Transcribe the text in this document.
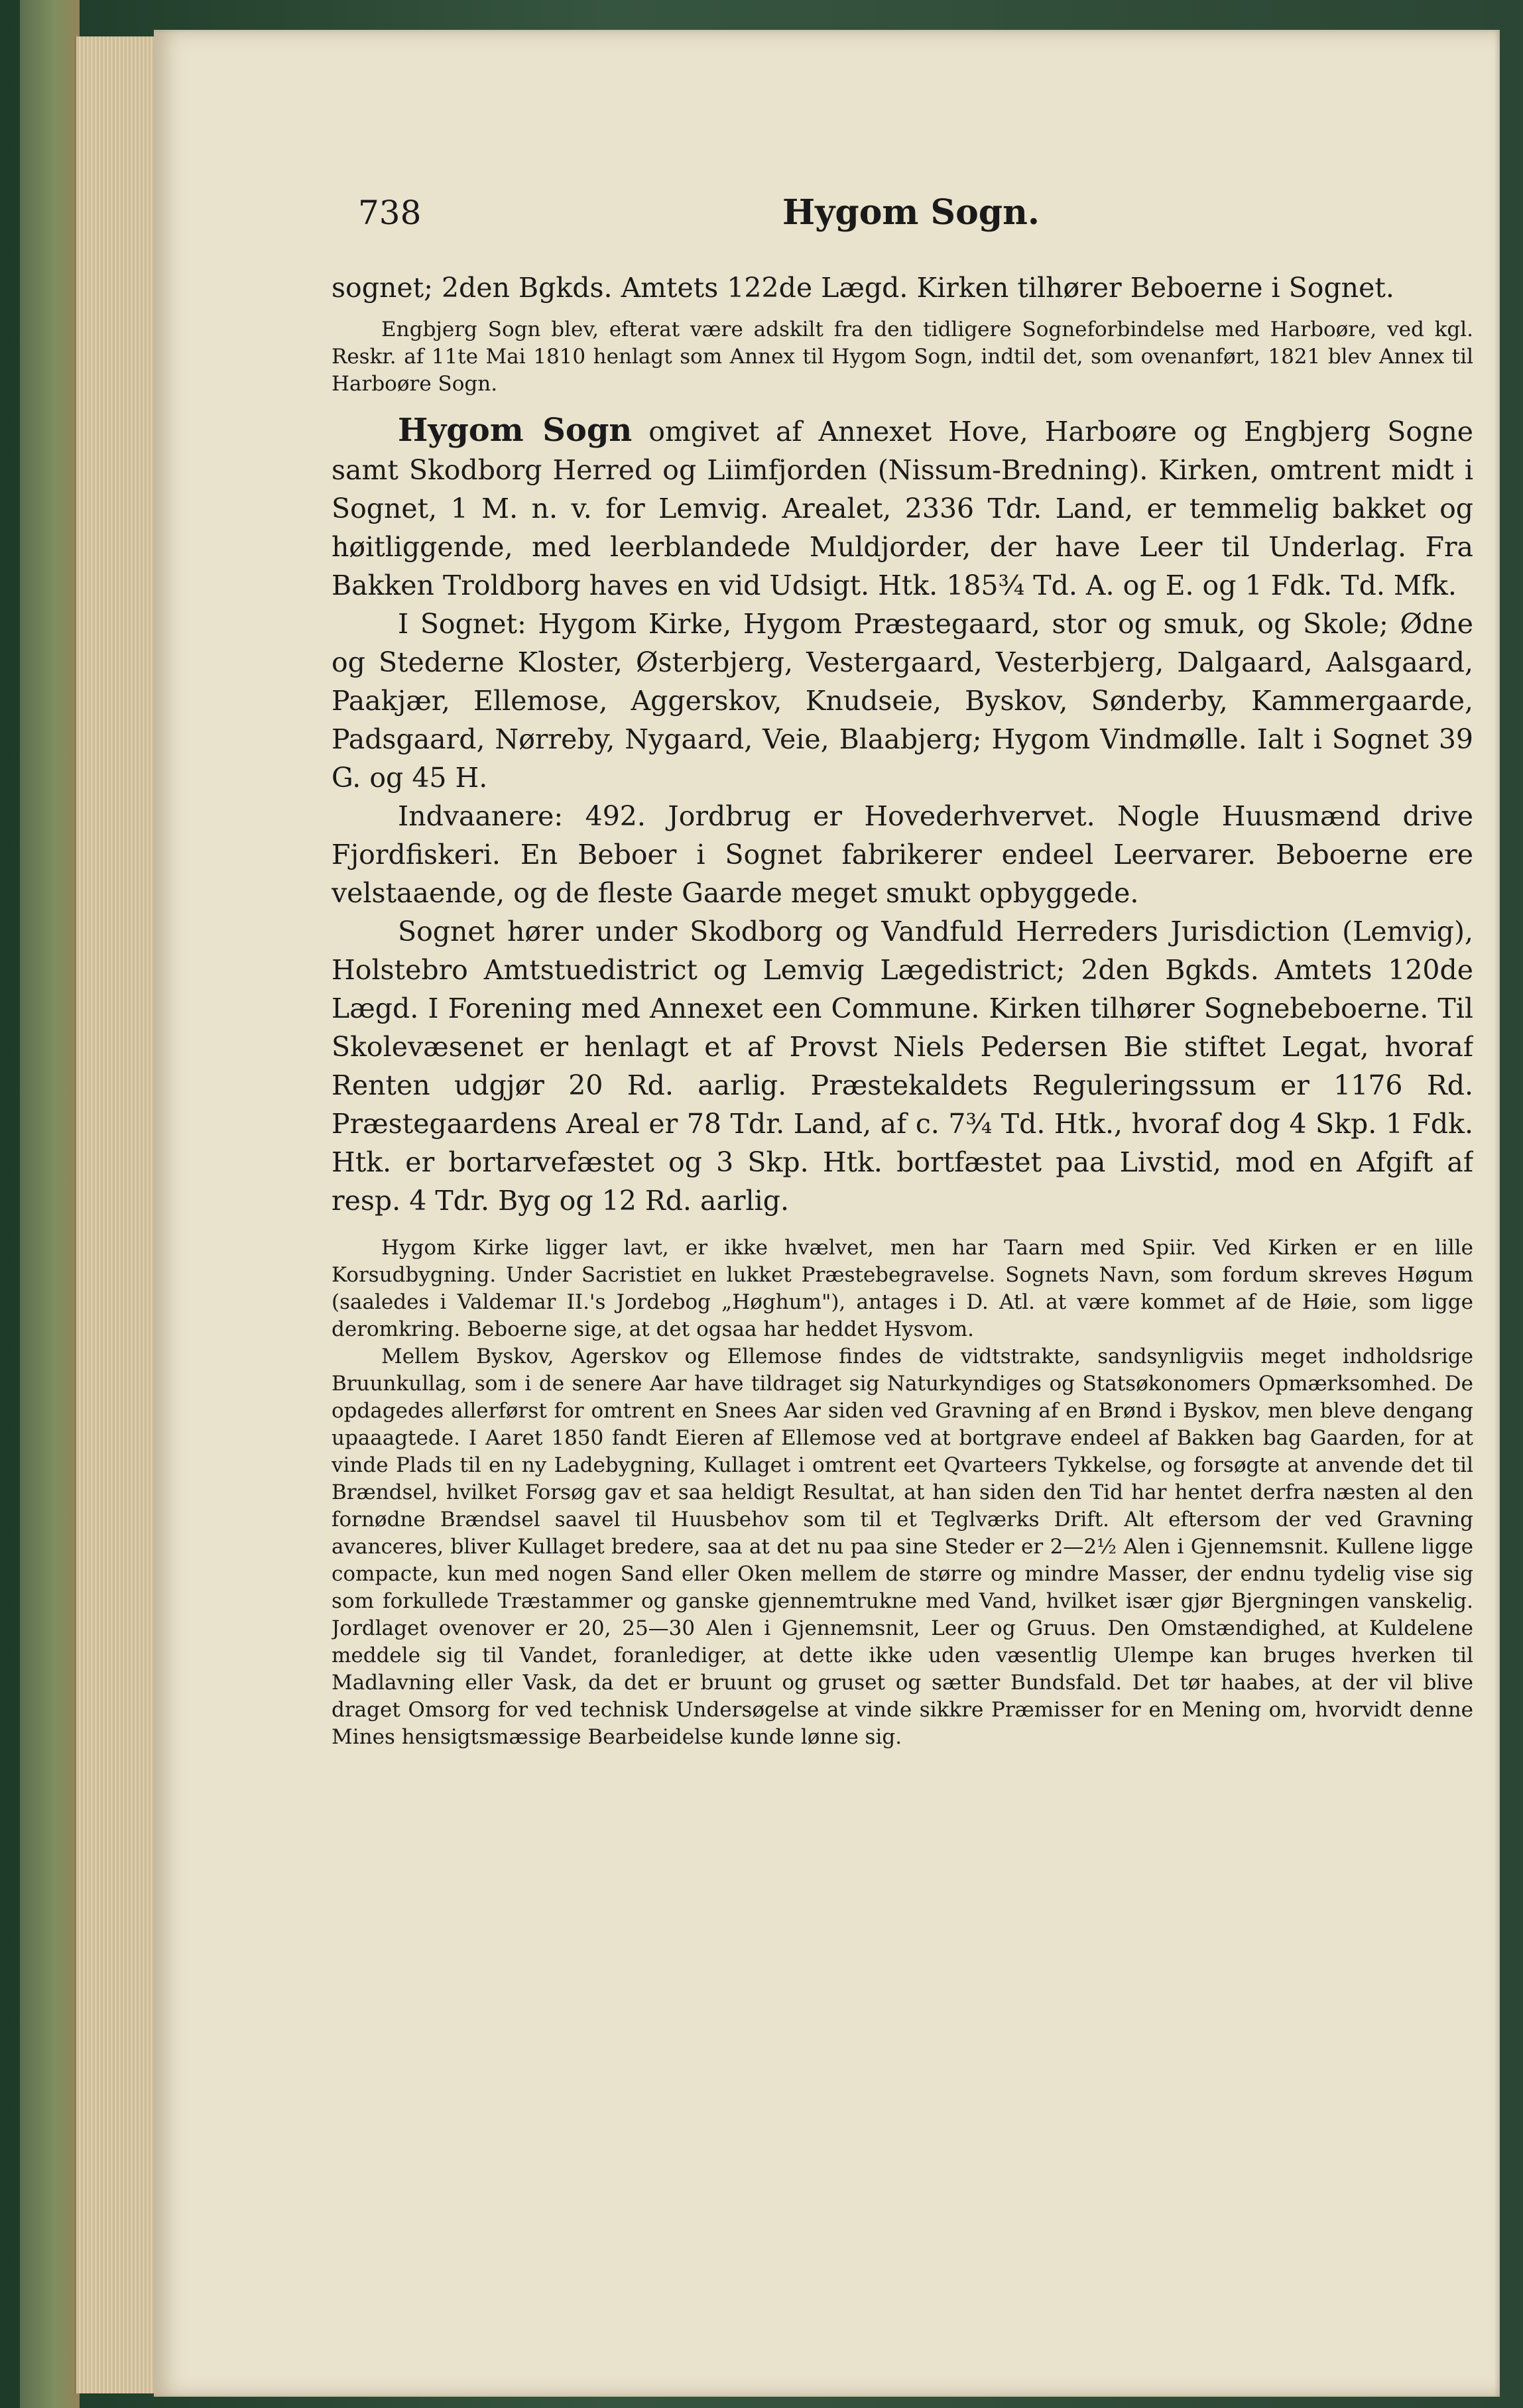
738	Hygom Sogn.

sognet; 2den Bgkds. Amtets 122de Lægd. Kirken tilhører Beboerne i Sognet.

Engbjerg Sogn blev, efterat være adskilt fra den tidligere Sogneforbindelse med Harboøre, ved kgl. Reskr. af 11te Mai 1810 henlagt som Annex til Hygom Sogn, indtil det, som ovenanført, 1821 blev Annex til Harboøre Sogn.

Hygom Sogn omgivet af Annexet Hove, Harboøre og Engbjerg Sogne samt Skodborg Herred og Liimfjorden (Nissum-Bredning). Kirken, omtrent midt i Sognet, 1 M. n. v. for Lemvig. Arealet, 2336 Tdr. Land, er temmelig bakket og høitliggende, med leerblandede Muldjorder, der have Leer til Underlag. Fra Bakken Troldborg haves en vid Udsigt. Htk. 185¾ Td. A. og E. og 1 Fdk. Td. Mfk.

I Sognet: Hygom Kirke, Hygom Præstegaard, stor og smuk, og Skole; Ødne og Stederne Kloster, Østerbjerg, Vestergaard, Vesterbjerg, Dalgaard, Aalsgaard, Paakjær, Ellemose, Aggerskov, Knudseie, Byskov, Sønderby, Kammergaarde, Padsgaard, Nørreby, Nygaard, Veie, Blaabjerg; Hygom Vindmølle. Ialt i Sognet 39 G. og 45 H.

Indvaanere: 492. Jordbrug er Hovederhvervet. Nogle Huusmænd drive Fjordfiskeri. En Beboer i Sognet fabrikerer endeel Leervarer. Beboerne ere velstaaende, og de fleste Gaarde meget smukt opbyggede.

Sognet hører under Skodborg og Vandfuld Herreders Jurisdiction (Lemvig), Holstebro Amtstuedistrict og Lemvig Lægedistrict; 2den Bgkds. Amtets 120de Lægd. I Forening med Annexet een Commune. Kirken tilhører Sognebeboerne. Til Skolevæsenet er henlagt et af Provst Niels Pedersen Bie stiftet Legat, hvoraf Renten udgjør 20 Rd. aarlig. Præstekaldets Reguleringssum er 1176 Rd. Præstegaardens Areal er 78 Tdr. Land, af c. 7¾ Td. Htk., hvoraf dog 4 Skp. 1 Fdk. Htk. er bortarvefæstet og 3 Skp. Htk. bortfæstet paa Livstid, mod en Afgift af resp. 4 Tdr. Byg og 12 Rd. aarlig.

Hygom Kirke ligger lavt, er ikke hvælvet, men har Taarn med Spiir. Ved Kirken er en lille Korsudbygning. Under Sacristiet en lukket Præstebegravelse. Sognets Navn, som fordum skreves Høgum (saaledes i Valdemar II.'s Jordebog „Høghum"), antages i D. Atl. at være kommet af de Høie, som ligge deromkring. Beboerne sige, at det ogsaa har heddet Hysvom.

Mellem Byskov, Agerskov og Ellemose findes de vidtstrakte, sandsynligviis meget indholdsrige Bruunkullag, som i de senere Aar have tildraget sig Naturkyndiges og Statsøkonomers Opmærksomhed. De opdagedes allerførst for omtrent en Snees Aar siden ved Gravning af en Brønd i Byskov, men bleve dengang upaaagtede. I Aaret 1850 fandt Eieren af Ellemose ved at bortgrave endeel af Bakken bag Gaarden, for at vinde Plads til en ny Ladebygning, Kullaget i omtrent eet Qvarteers Tykkelse, og forsøgte at anvende det til Brændsel, hvilket Forsøg gav et saa heldigt Resultat, at han siden den Tid har hentet derfra næsten al den fornødne Brændsel saavel til Huusbehov som til et Teglværks Drift. Alt eftersom der ved Gravning avanceres, bliver Kullaget bredere, saa at det nu paa sine Steder er 2—2½ Alen i Gjennemsnit. Kullene ligge compacte, kun med nogen Sand eller Oken mellem de større og mindre Masser, der endnu tydelig vise sig som forkullede Træstammer og ganske gjennemtrukne med Vand, hvilket især gjør Bjergningen vanskelig. Jordlaget ovenover er 20, 25—30 Alen i Gjennemsnit, Leer og Gruus. Den Omstændighed, at Kuldelene meddele sig til Vandet, foranlediger, at dette ikke uden væsentlig Ulempe kan bruges hverken til Madlavning eller Vask, da det er bruunt og gruset og sætter Bundsfald. Det tør haabes, at der vil blive draget Omsorg for ved technisk Undersøgelse at vinde sikkre Præmisser for en Mening om, hvorvidt denne Mines hensigtsmæssige Bearbeidelse kunde lønne sig.
